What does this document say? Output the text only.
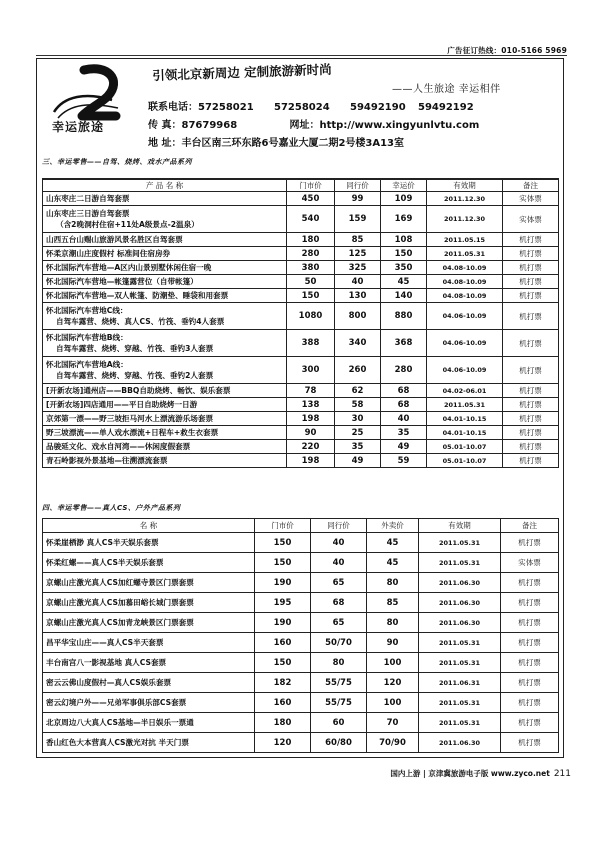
广告征订热线：010-5166 5969
幸运旅途
引领北京新周边 定制旅游新时尚
——人生旅途 幸运相伴
联系电话：57258021 57258024 59492190 59492192
传 真：87679968	网址：http://www.xingyunlvtu.com
地 址：丰台区南三环东路6号嘉业大厦二期2号楼3A13室
三、幸运零售——自驾、烧烤、戏水产品系列
产 品 名 称	门市价	同行价	幸运价	有效期	备注

山东枣庄二日游自驾套票	450	99	109	2011.12.30	实体票

山东枣庄三日游自驾套票
（含2晚洞村住宿+11处A级景点-2温泉）	540	159	169	2011.12.30	实体票

山西五台山赐山旅游风景名胜区自驾套票	180	85	108	2011.05.15	机打票

怀柔京潮山庄度假村 标准间住宿房券	280	125	150	2011.05.31	机打票

怀北国际汽车营地—A区内山景别墅休闲住宿一晚	380	325	350	04.08-10.09	机打票

怀北国际汽车营地—帐篷露营位（自带帐篷）	50	40	45	04.08-10.09	机打票

怀北国际汽车营地—双人帐篷、防潮垫、睡袋和用套票	150	130	140	04.08-10.09	机打票

怀北国际汽车营地C线：
自驾车露营、烧烤、真人CS、竹筏、垂钓4人套票	1080	800	880	04.06-10.09	机打票

怀北国际汽车营地B线：
自驾车露营、烧烤、穿越、竹筏、垂钓3人套票	388	340	368	04.06-10.09	机打票

怀北国际汽车营地A线：
自驾车露营、烧烤、穿越、竹筏、垂钓2人套票	300	260	280	04.06-10.09	机打票

[开新农场]通州店——BBQ自助烧烤、畅饮、娱乐套票	78	62	68	04.02-06.01	机打票

[开新农场]四店通用——平日自助烧烤一日游	138	58	68	2011.05.31	机打票

京郊第一漂——野三坡拒马河水上漂流游乐场套票	198	30	40	04.01-10.15	机打票

野三坡漂流——单人戏水漂流+日程车+救生衣套票	90	25	35	04.01-10.15	机打票

品骏延文化、戏水自河湾——休闲度假套票	220	35	49	05.01-10.07	机打票

青石岭影视外景基地—往溯漂流套票	198	49	59	05.01-10.07	机打票
四、幸运零售——真人CS、户外产品系列
名 称	门市价	同行价	外卖价	有效期	备注

怀柔崖栖渺 真人CS半天娱乐套票	150	40	45	2011.05.31	机打票

怀柔红螺——真人CS半天娱乐套票	150	40	45	2011.05.31	实体票

京螺山庄激光真人CS加红螺寺景区门票套票	190	65	80	2011.06.30	机打票

京螺山庄激光真人CS加慕田峪长城门票套票	195	68	85	2011.06.30	机打票

京螺山庄激光真人CS加青龙峡景区门票套票	190	65	80	2011.06.30	机打票

昌平华宝山庄——真人CS半天套票	160	50/70	90	2011.05.31	机打票

丰台南宫八一影视基地 真人CS套票	150	80	100	2011.05.31	机打票

密云云佛山度假村—真人CS娱乐套票	182	55/75	120	2011.06.31	机打票

密云幻境户外——兄弟军事俱乐部CS套票	160	55/75	100	2011.05.31	机打票

北京周边八大真人CS基地—半日娱乐一票通	180	60	70	2011.05.31	机打票

香山红色大本营真人CS激光对抗 半天门票	120	60/80	70/90	2011.06.30	机打票
国内上游 | 京津冀旅游电子版 www.zyco.net 211
